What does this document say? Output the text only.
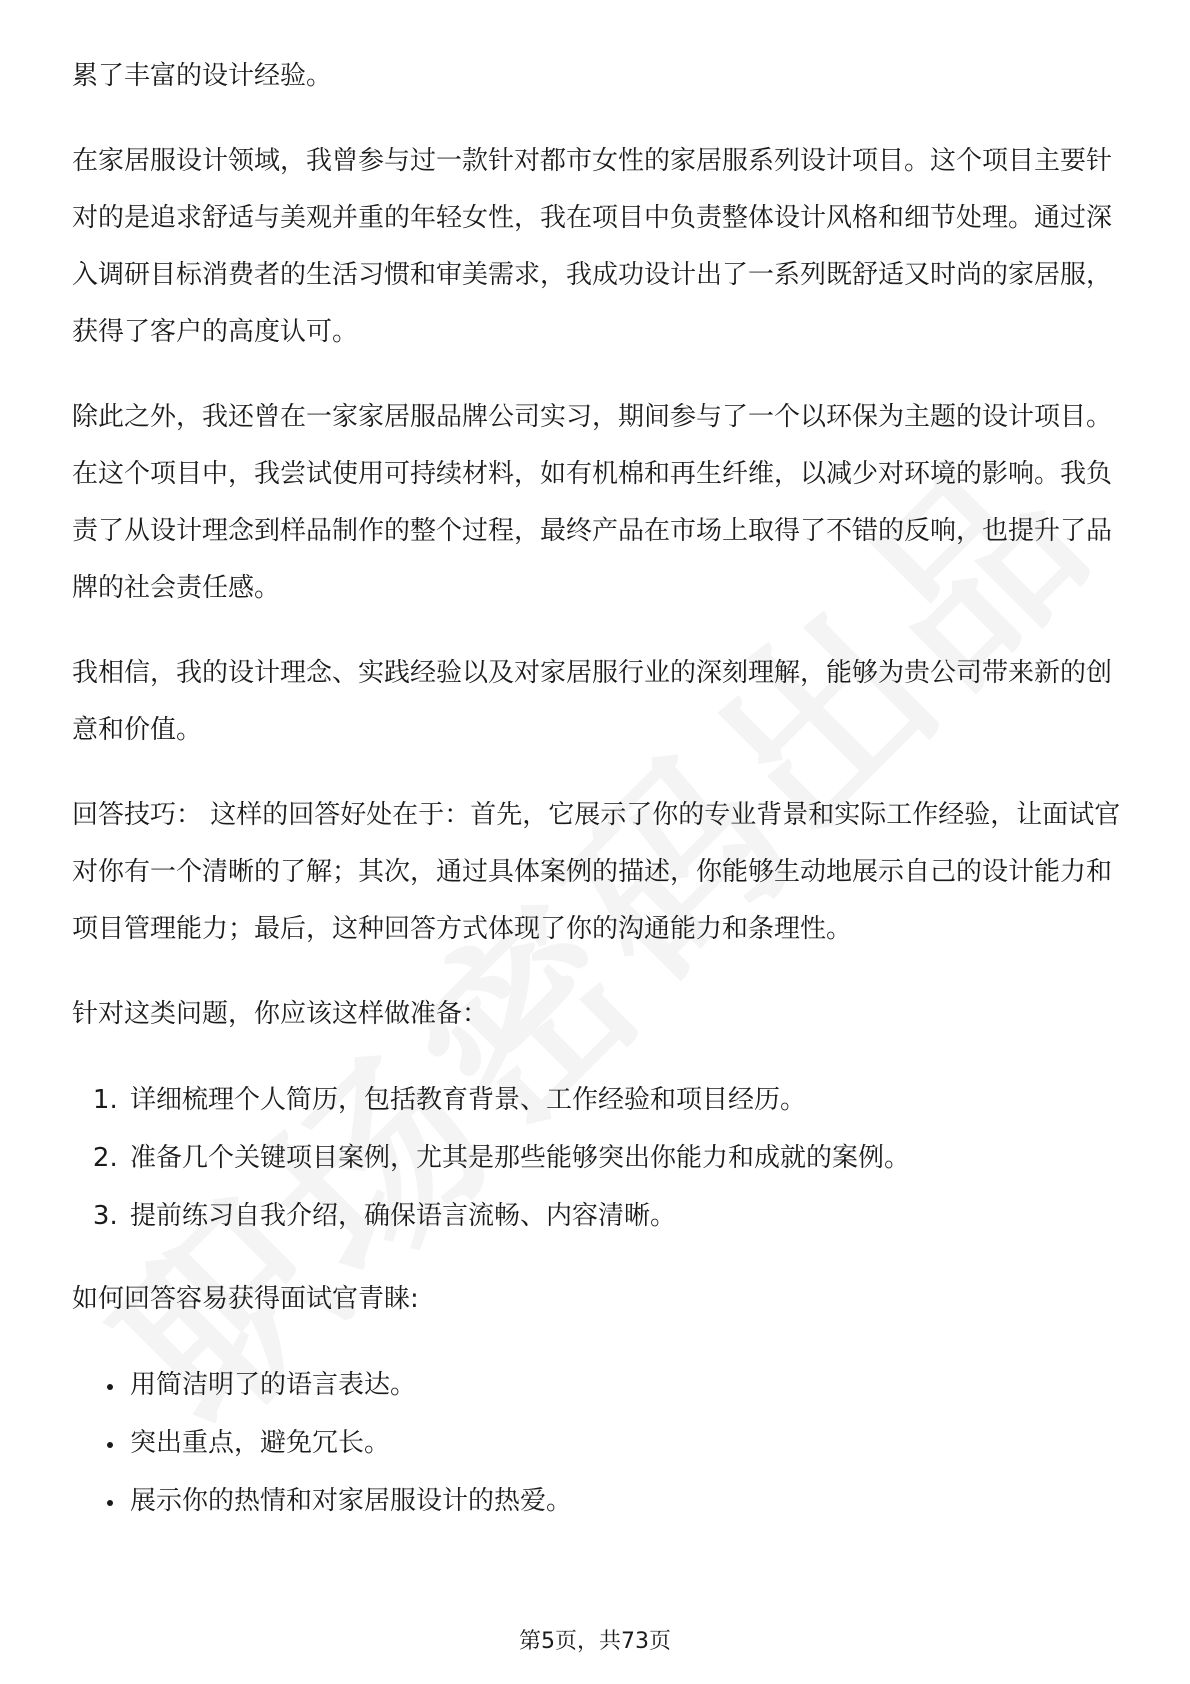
累了丰富的设计经验。

在家居服设计领域，我曾参与过一款针对都市女性的家居服系列设计项目。这个项目主要针对的是追求舒适与美观并重的年轻女性，我在项目中负责整体设计风格和细节处理。通过深入调研目标消费者的生活习惯和审美需求，我成功设计出了一系列既舒适又时尚的家居服，获得了客户的高度认可。

除此之外，我还曾在一家家居服品牌公司实习，期间参与了一个以环保为主题的设计项目。在这个项目中，我尝试使用可持续材料，如有机棉和再生纤维，以减少对环境的影响。我负责了从设计理念到样品制作的整个过程，最终产品在市场上取得了不错的反响，也提升了品牌的社会责任感。

我相信，我的设计理念、实践经验以及对家居服行业的深刻理解，能够为贵公司带来新的创意和价值。

回答技巧： 这样的回答好处在于：首先，它展示了你的专业背景和实际工作经验，让面试官对你有一个清晰的了解；其次，通过具体案例的描述，你能够生动地展示自己的设计能力和项目管理能力；最后，这种回答方式体现了你的沟通能力和条理性。

针对这类问题，你应该这样做准备：

1. 详细梳理个人简历，包括教育背景、工作经验和项目经历。
2. 准备几个关键项目案例，尤其是那些能够突出你能力和成就的案例。
3. 提前练习自我介绍，确保语言流畅、内容清晰。

如何回答容易获得面试官青睐:

• 用简洁明了的语言表达。
• 突出重点，避免冗长。
• 展示你的热情和对家居服设计的热爱。
第5页，共73页
